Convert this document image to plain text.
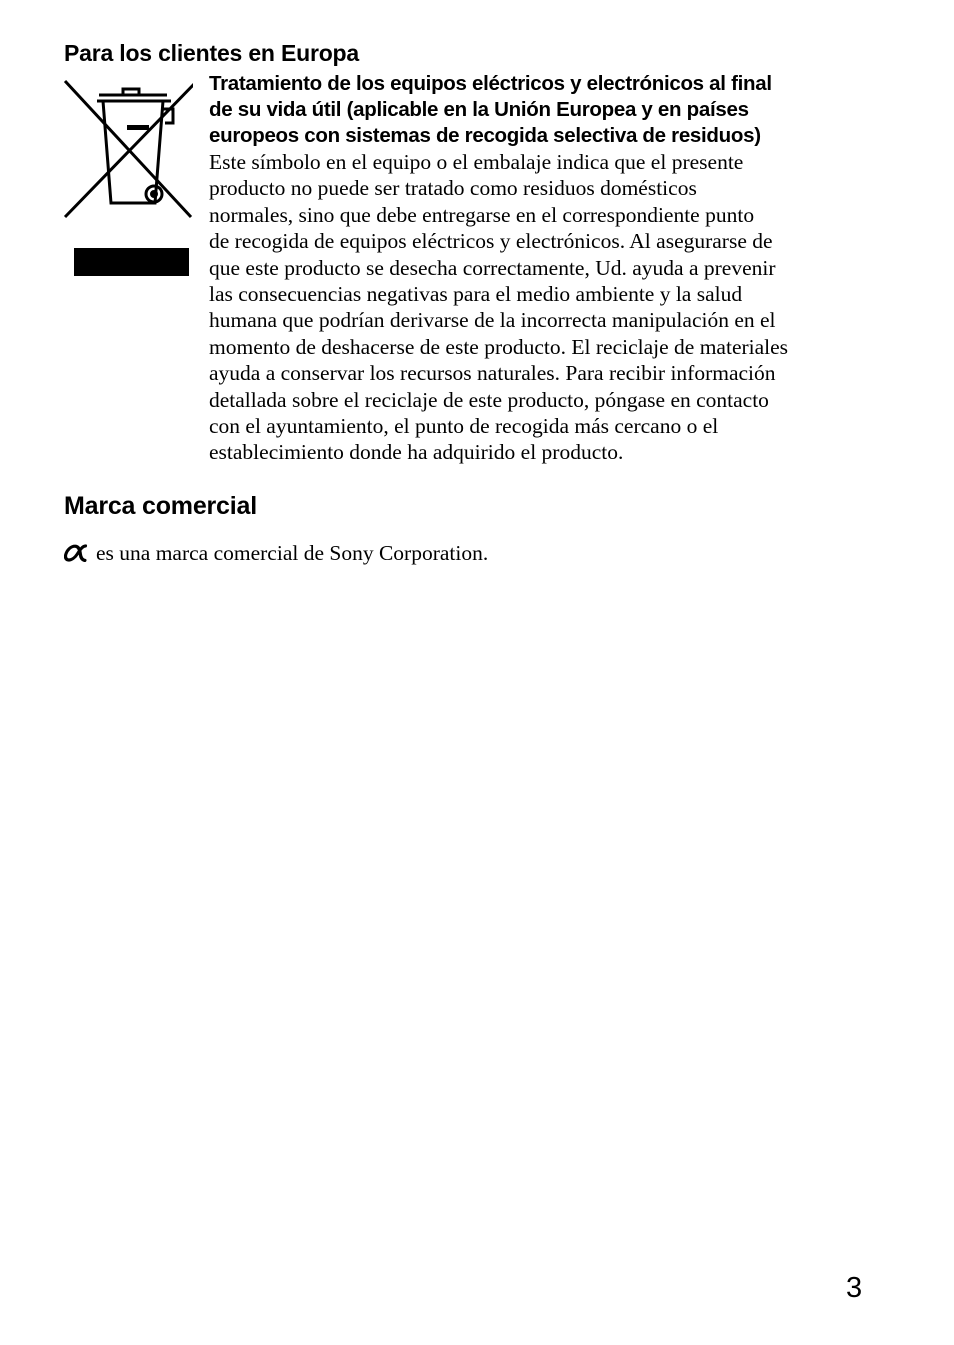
Para los clientes en Europa
Tratamiento de los equipos eléctricos y electrónicos al final
de su vida útil (aplicable en la Unión Europea y en países
europeos con sistemas de recogida selectiva de residuos)
Este símbolo en el equipo o el embalaje indica que el presente
producto no puede ser tratado como residuos domésticos
normales, sino que debe entregarse en el correspondiente punto
de recogida de equipos eléctricos y electrónicos. Al asegurarse de
que este producto se desecha correctamente, Ud. ayuda a prevenir
las consecuencias negativas para el medio ambiente y la salud
humana que podrían derivarse de la incorrecta manipulación en el
momento de deshacerse de este producto. El reciclaje de materiales
ayuda a conservar los recursos naturales. Para recibir información
detallada sobre el reciclaje de este producto, póngase en contacto
con el ayuntamiento, el punto de recogida más cercano o el
establecimiento donde ha adquirido el producto.
Marca comercial

es una marca comercial de Sony Corporation.

3
